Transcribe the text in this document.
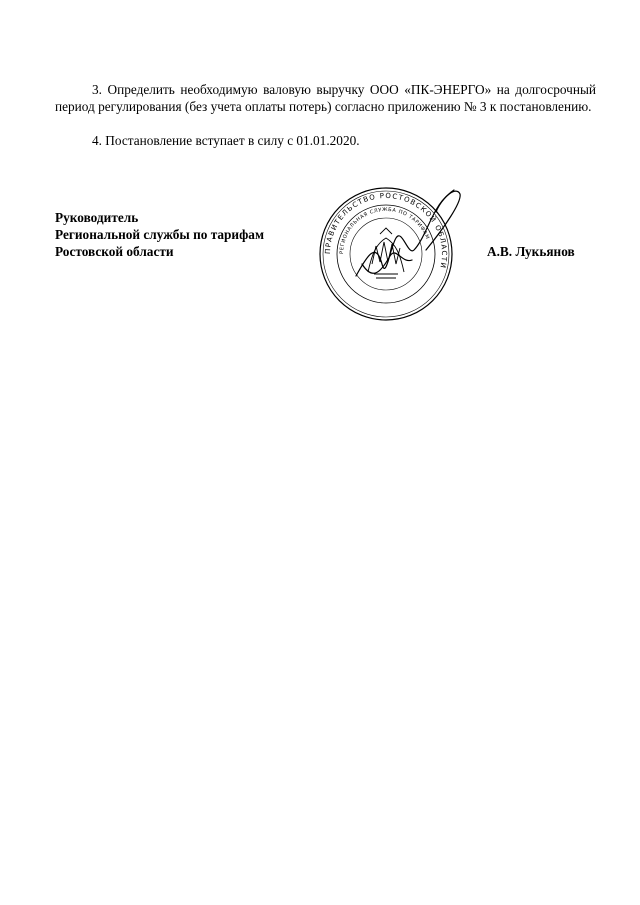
3. Определить необходимую валовую выручку ООО «ПК-ЭНЕРГО» на долгосрочный период регулирования (без учета оплаты потерь) согласно приложению № 3 к постановлению.

4. Постановление вступает в силу с 01.01.2020.

Руководитель
Региональной службы по тарифам
Ростовской области	ПРАВИТЕЛЬСТВО РОСТОВСКОЙ ОБЛАСТИ
РЕГИОНАЛЬНАЯ СЛУЖБА ПО ТАРИФАМ
А.В. Лукьянов
